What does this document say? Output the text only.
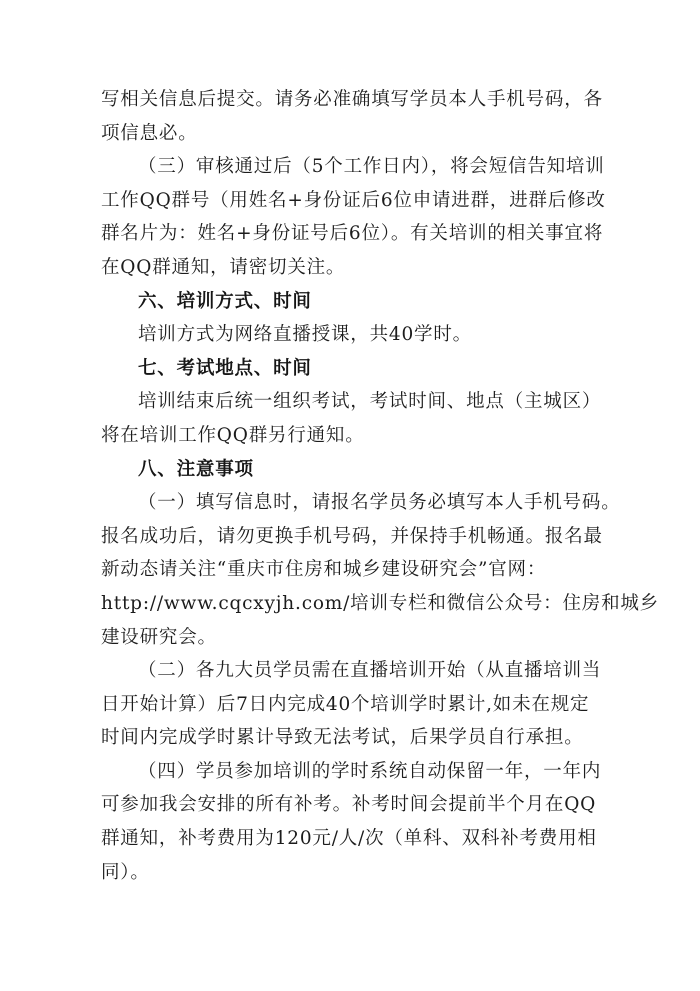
写相关信息后提交。请务必准确填写学员本人手机号码，各
项信息必。

（三）审核通过后（5个工作日内），将会短信告知培训
工作QQ群号（用姓名+身份证后6位申请进群，进群后修改
群名片为：姓名+身份证号后6位）。有关培训的相关事宜将
在QQ群通知，请密切关注。

六、培训方式、时间

培训方式为网络直播授课，共40学时。

七、考试地点、时间

培训结束后统一组织考试，考试时间、地点（主城区）
将在培训工作QQ群另行通知。

八、注意事项

（一）填写信息时，请报名学员务必填写本人手机号码。
报名成功后，请勿更换手机号码，并保持手机畅通。报名最
新动态请关注“重庆市住房和城乡建设研究会”官网：
http://www.cqcxyjh.com/培训专栏和微信公众号：住房和城乡
建设研究会。

（二）各九大员学员需在直播培训开始（从直播培训当
日开始计算）后7日内完成40个培训学时累计,如未在规定
时间内完成学时累计导致无法考试，后果学员自行承担。

（四）学员参加培训的学时系统自动保留一年，一年内
可参加我会安排的所有补考。补考时间会提前半个月在QQ
群通知，补考费用为120元/人/次（单科、双科补考费用相
同）。
